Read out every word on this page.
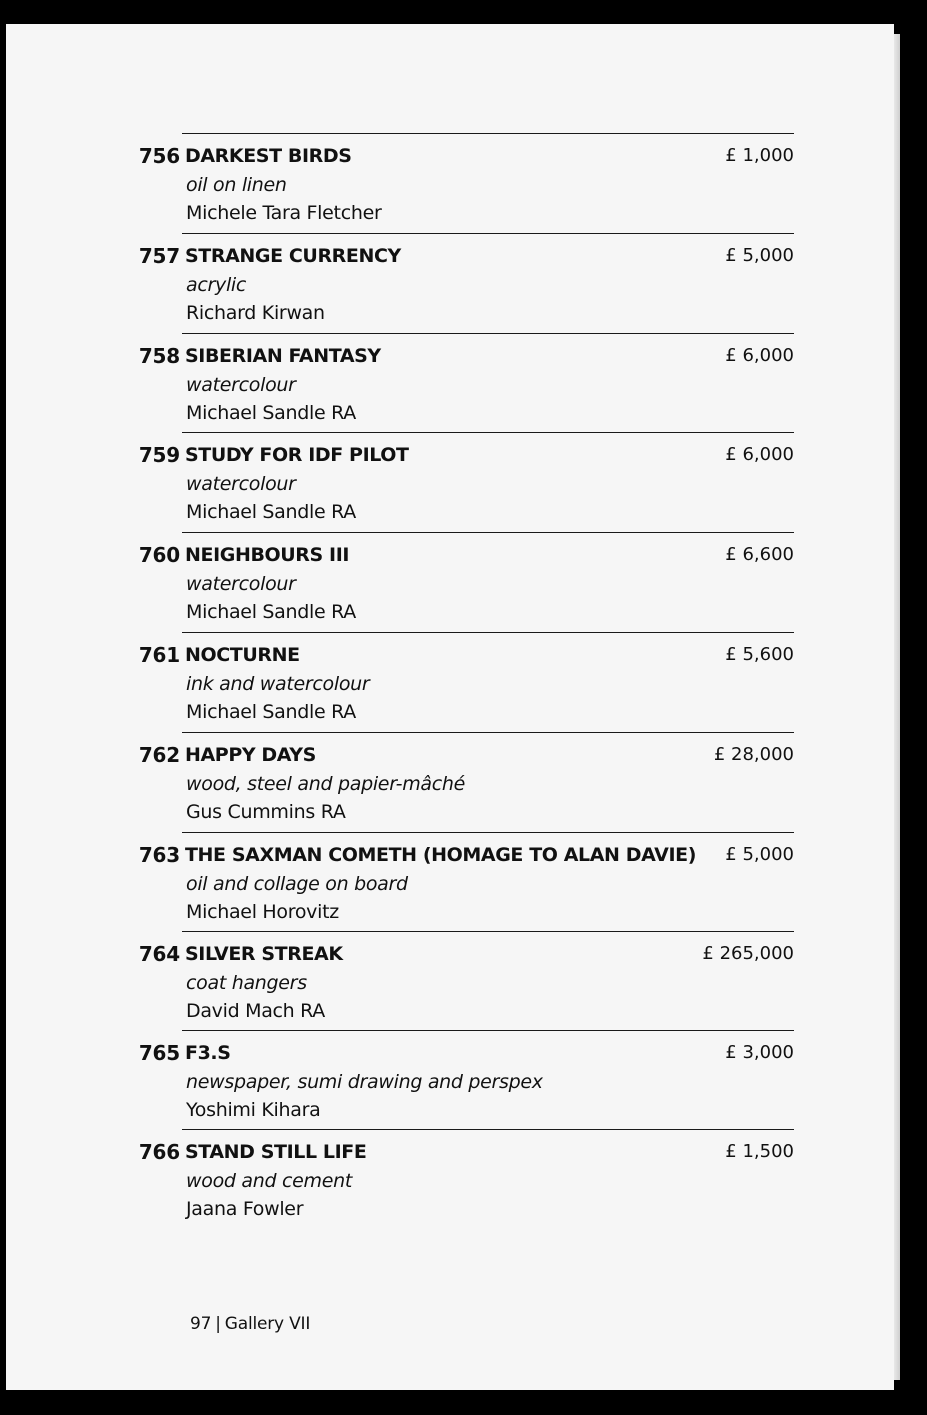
756 DARKEST BIRDS
oil on linen
Michele Tara Fletcher
£ 1,000
757 STRANGE CURRENCY
acrylic
Richard Kirwan
£ 5,000
758 SIBERIAN FANTASY
watercolour
Michael Sandle RA
£ 6,000
759 STUDY FOR IDF PILOT
watercolour
Michael Sandle RA
£ 6,000
760 NEIGHBOURS III
watercolour
Michael Sandle RA
£ 6,600
761 NOCTURNE
ink and watercolour
Michael Sandle RA
£ 5,600
762 HAPPY DAYS
wood, steel and papier-mâché
Gus Cummins RA
£ 28,000
763 THE SAXMAN COMETH (HOMAGE TO ALAN DAVIE)
oil and collage on board
Michael Horovitz
£ 5,000
764 SILVER STREAK
coat hangers
David Mach RA
£ 265,000
765 F3.S
newspaper, sumi drawing and perspex
Yoshimi Kihara
£ 3,000
766 STAND STILL LIFE
wood and cement
Jaana Fowler
£ 1,500
97 | Gallery VII
